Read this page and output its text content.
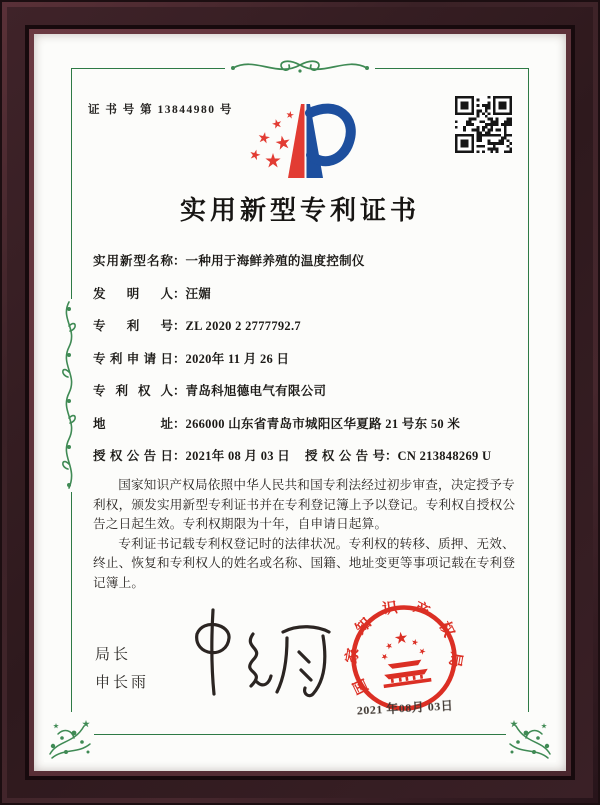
证 书 号 第 13844980 号
实用新型专利证书
实用新型名称：一种用于海鲜养殖的温度控制仪
发明人：汪媚
专利号：ZL 2020 2 2777792.7
专利申请日：2020年 11 月 26 日
专利权人：青岛科旭德电气有限公司
地址：266000 山东省青岛市城阳区华夏路 21 号东 50 米
授权公告日：2021年 08 月 03 日	授权公告号：CN 213848269 U

国家知识产权局依照中华人民共和国专利法经过初步审查，决定授予专利权，颁发实用新型专利证书并在专利登记簿上予以登记。专利权自授权公告之日起生效。专利权期限为十年，自申请日起算。

专利证书记载专利权登记时的法律状况。专利权的转移、质押、无效、终止、恢复和专利权人的姓名或名称、国籍、地址变更等事项记载在专利登记簿上。

局长
申长雨	国家知识产权局
2021 年08月 03日
